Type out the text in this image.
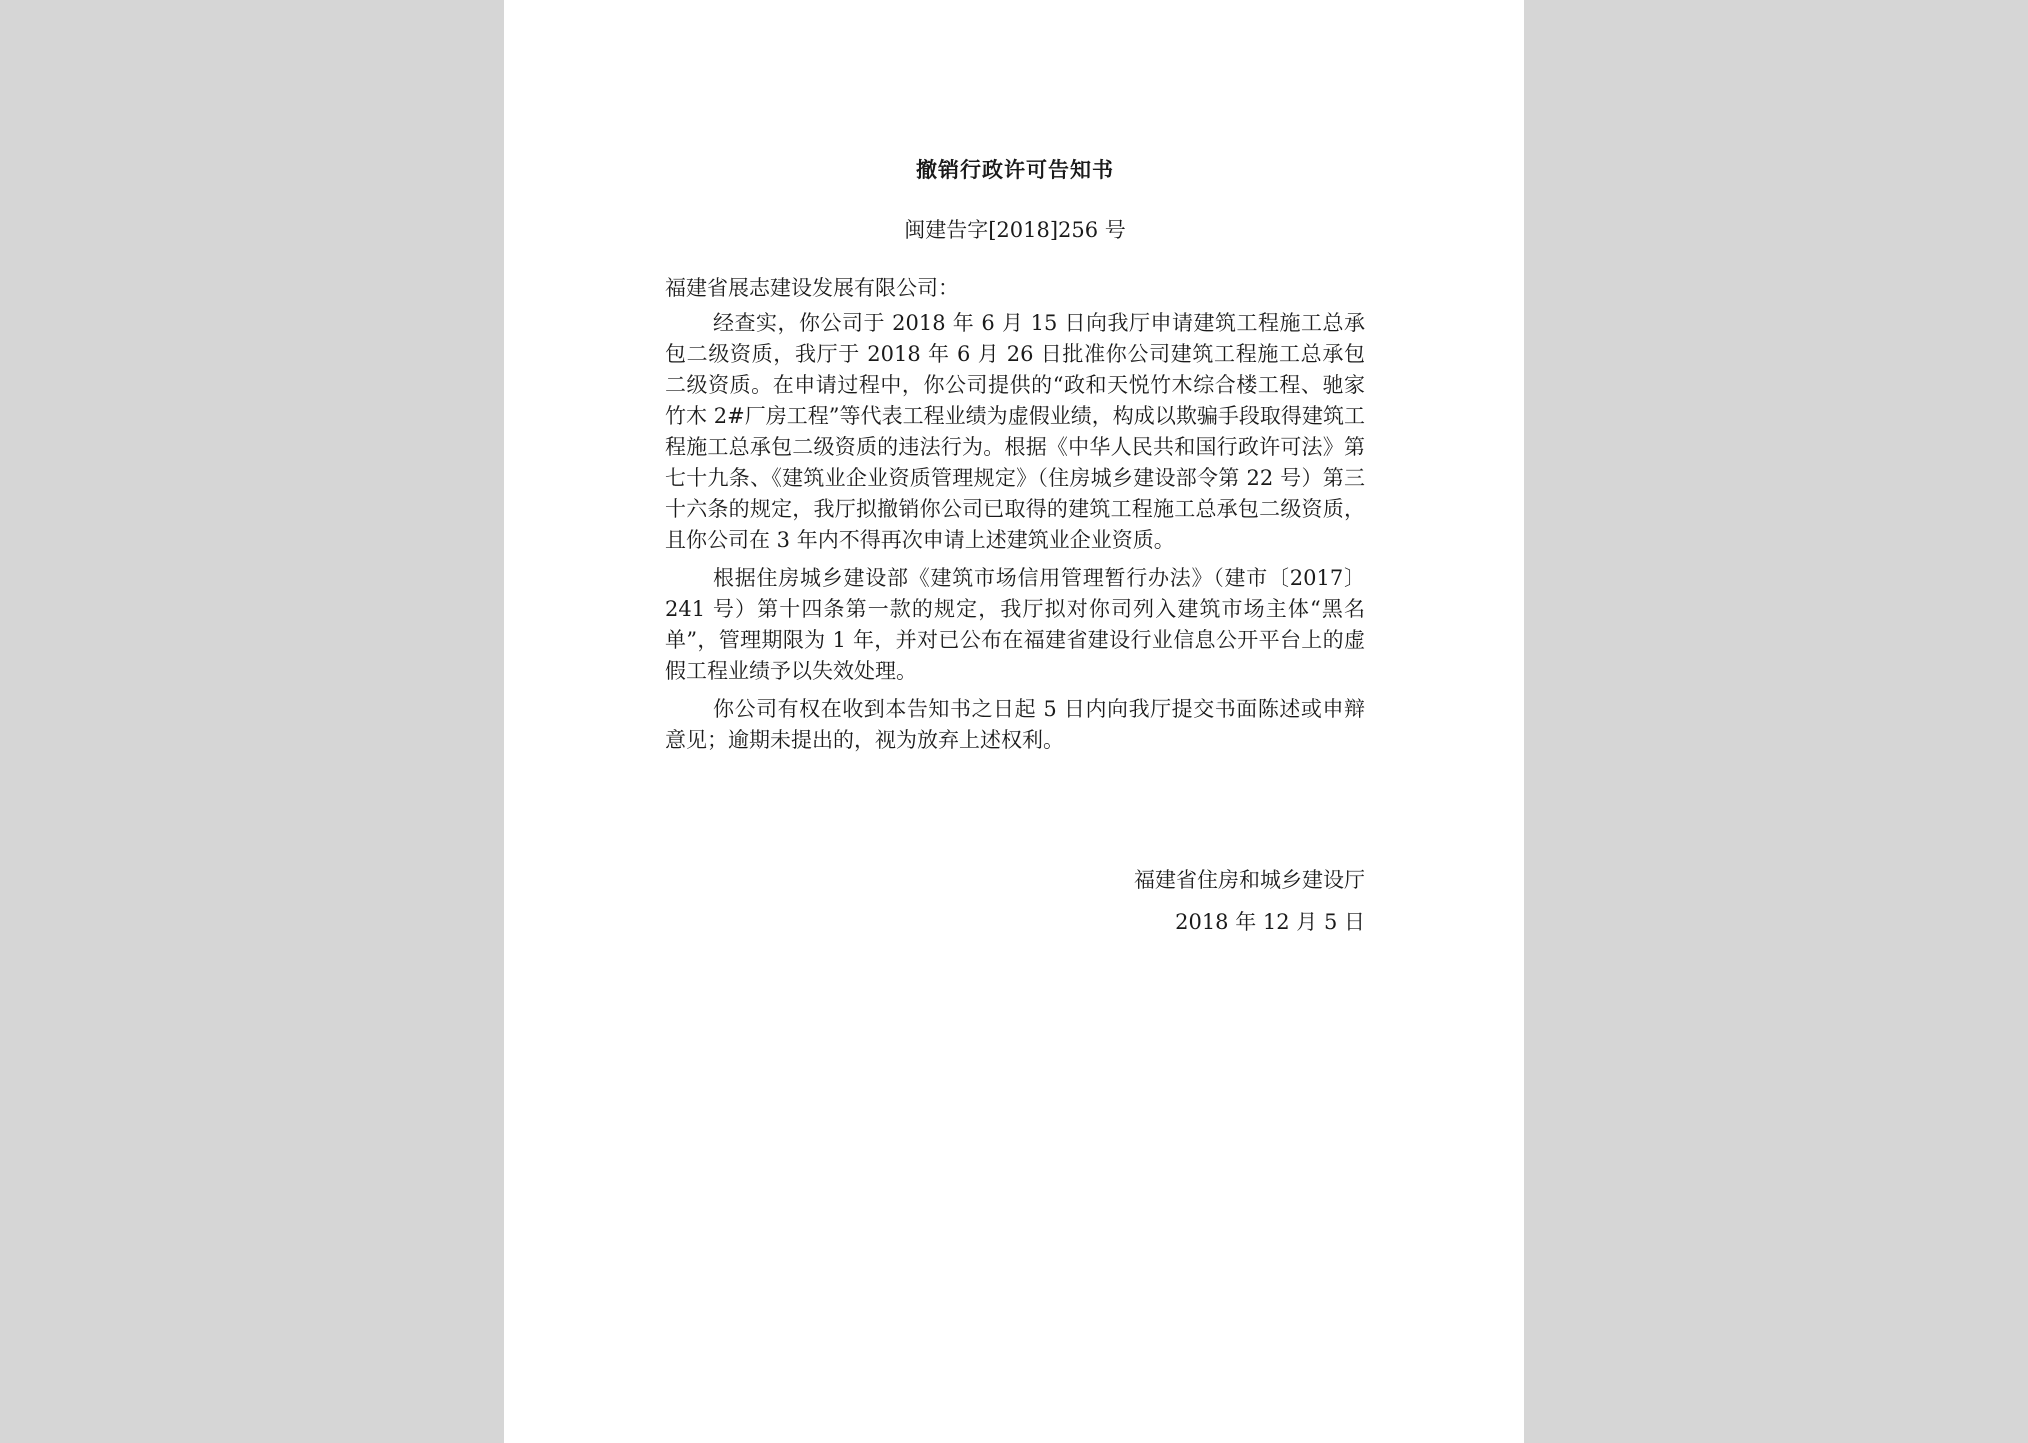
撤销行政许可告知书
闽建告字[2018]256 号
福建省展志建设发展有限公司：

经查实，你公司于 2018 年 6 月 15 日向我厅申请建筑工程施工总承包二级资质，我厅于 2018 年 6 月 26 日批准你公司建筑工程施工总承包二级资质。在申请过程中，你公司提供的“政和天悦竹木综合楼工程、驰家竹木 2#厂房工程”等代表工程业绩为虚假业绩，构成以欺骗手段取得建筑工程施工总承包二级资质的违法行为。根据《中华人民共和国行政许可法》第七十九条、《建筑业企业资质管理规定》（住房城乡建设部令第 22 号）第三十六条的规定，我厅拟撤销你公司已取得的建筑工程施工总承包二级资质，且你公司在 3 年内不得再次申请上述建筑业企业资质。

根据住房城乡建设部《建筑市场信用管理暂行办法》（建市〔2017〕241 号）第十四条第一款的规定，我厅拟对你司列入建筑市场主体“黑名单”，管理期限为 1 年，并对已公布在福建省建设行业信息公开平台上的虚假工程业绩予以失效处理。

你公司有权在收到本告知书之日起 5 日内向我厅提交书面陈述或申辩意见；逾期未提出的，视为放弃上述权利。

福建省住房和城乡建设厅
2018 年 12 月 5 日
